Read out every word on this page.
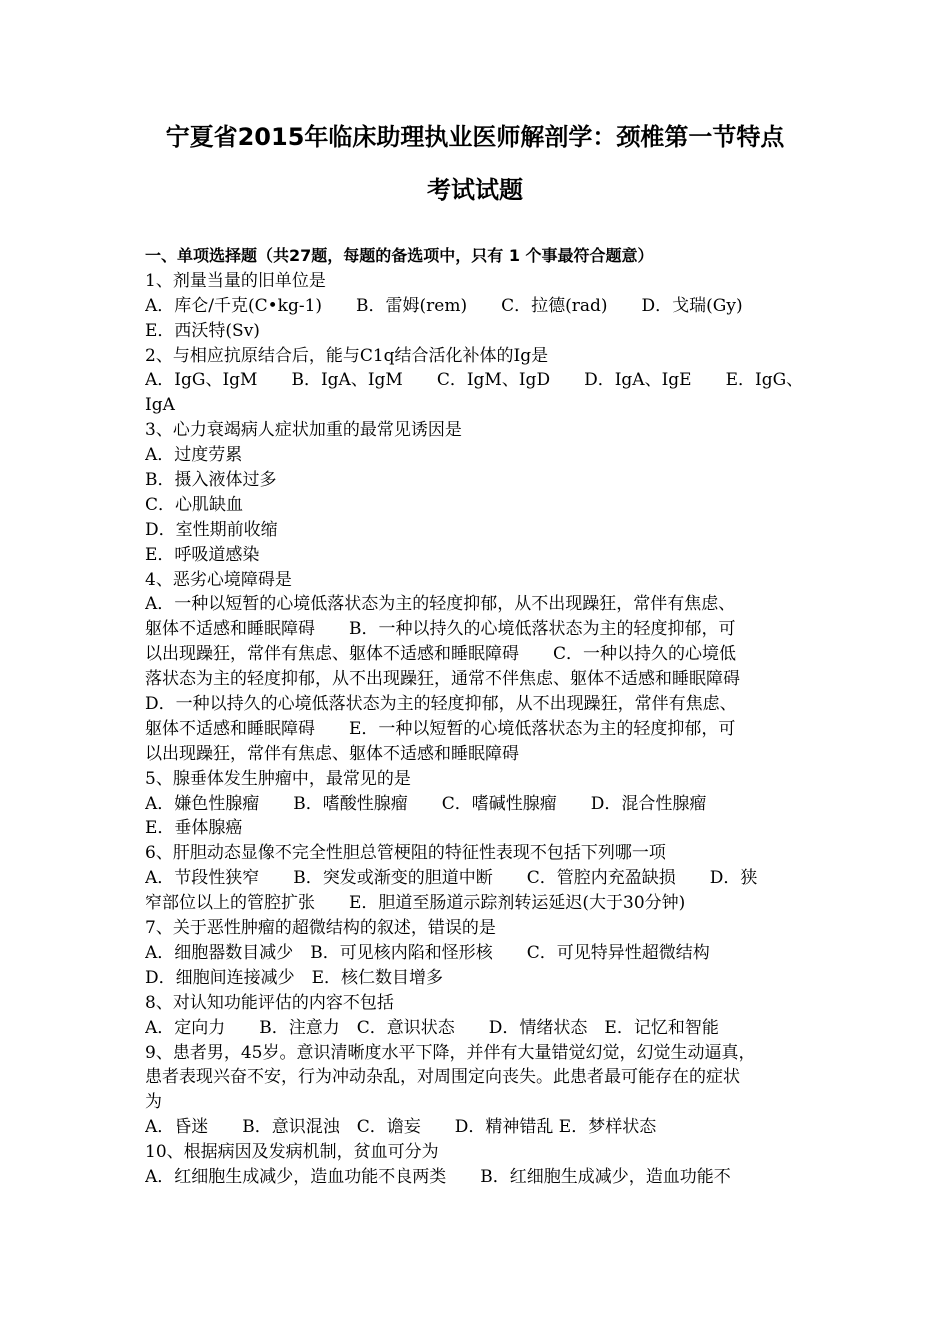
宁夏省2015年临床助理执业医师解剖学：颈椎第一节特点
考试试题
一、单项选择题（共27题，每题的备选项中，只有 1 个事最符合题意）
1、剂量当量的旧单位是
A．库仑/千克(C•kg-1)　　B．雷姆(rem)　　C．拉德(rad)　　D．戈瑞(Gy)
E．西沃特(Sv)
2、与相应抗原结合后，能与C1q结合活化补体的Ig是
A．IgG、IgM　　B．IgA、IgM　　C．IgM、IgD　　D．IgA、IgE　　E．IgG、
IgA
3、心力衰竭病人症状加重的最常见诱因是
A．过度劳累
B．摄入液体过多
C．心肌缺血
D．室性期前收缩
E．呼吸道感染
4、恶劣心境障碍是
A．一种以短暂的心境低落状态为主的轻度抑郁，从不出现躁狂，常伴有焦虑、
躯体不适感和睡眠障碍　　B．一种以持久的心境低落状态为主的轻度抑郁，可
以出现躁狂，常伴有焦虑、躯体不适感和睡眠障碍　　C．一种以持久的心境低
落状态为主的轻度抑郁，从不出现躁狂，通常不伴焦虑、躯体不适感和睡眠障碍
D．一种以持久的心境低落状态为主的轻度抑郁，从不出现躁狂，常伴有焦虑、
躯体不适感和睡眠障碍　　E．一种以短暂的心境低落状态为主的轻度抑郁，可
以出现躁狂，常伴有焦虑、躯体不适感和睡眠障碍
5、腺垂体发生肿瘤中，最常见的是
A．嫌色性腺瘤　　B．嗜酸性腺瘤　　C．嗜碱性腺瘤　　D．混合性腺瘤
E．垂体腺癌
6、肝胆动态显像不完全性胆总管梗阻的特征性表现不包括下列哪一项
A．节段性狭窄　　B．突发或渐变的胆道中断　　C．管腔内充盈缺损　　D．狭
窄部位以上的管腔扩张　　E．胆道至肠道示踪剂转运延迟(大于30分钟)
7、关于恶性肿瘤的超微结构的叙述，错误的是
A．细胞器数目减少　B．可见核内陷和怪形核　　C．可见特异性超微结构
D．细胞间连接减少　E．核仁数目增多
8、对认知功能评估的内容不包括
A．定向力　　B．注意力　C．意识状态　　D．情绪状态　E．记忆和智能
9、患者男，45岁。意识清晰度水平下降，并伴有大量错觉幻觉，幻觉生动逼真，
患者表现兴奋不安，行为冲动杂乱，对周围定向丧失。此患者最可能存在的症状
为
A．昏迷　　B．意识混浊　C．谵妄　　D．精神错乱 E．梦样状态
10、根据病因及发病机制，贫血可分为
A．红细胞生成减少，造血功能不良两类　　B．红细胞生成减少，造血功能不
